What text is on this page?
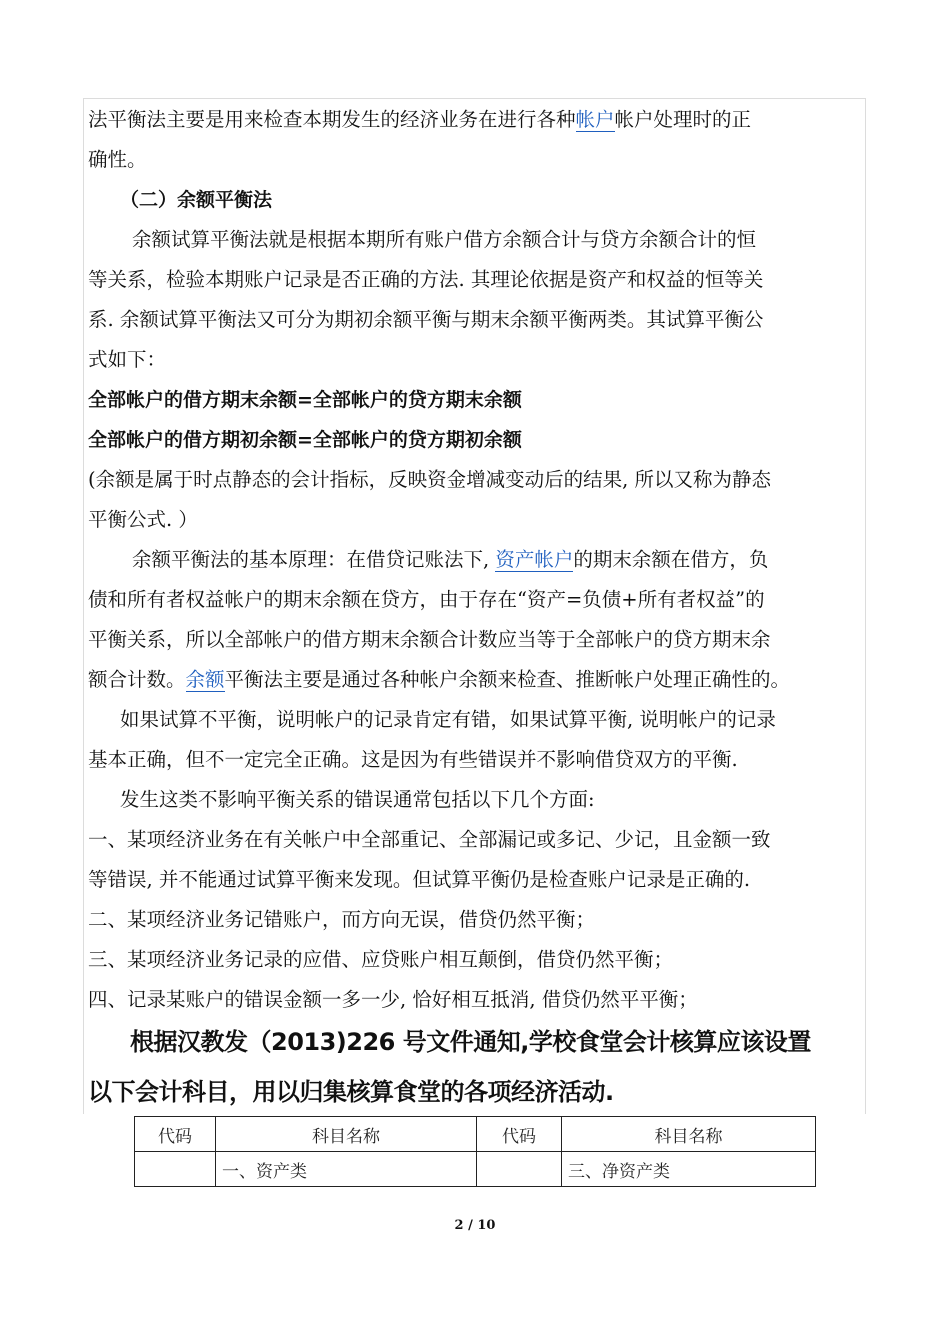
法平衡法主要是用来检查本期发生的经济业务在进行各种帐户帐户处理时的正
确性。
（二）余额平衡法
余额试算平衡法就是根据本期所有账户借方余额合计与贷方余额合计的恒
等关系，检验本期账户记录是否正确的方法. 其理论依据是资产和权益的恒等关
系. 余额试算平衡法又可分为期初余额平衡与期末余额平衡两类。其试算平衡公
式如下：
全部帐户的借方期末余额=全部帐户的贷方期末余额
全部帐户的借方期初余额=全部帐户的贷方期初余额
(余额是属于时点静态的会计指标，反映资金增减变动后的结果, 所以又称为静态
平衡公式. ）
余额平衡法的基本原理：在借贷记账法下, 资产帐户的期末余额在借方，负
债和所有者权益帐户的期末余额在贷方，由于存在“资产=负债+所有者权益”的
平衡关系，所以全部帐户的借方期末余额合计数应当等于全部帐户的贷方期末余
额合计数。余额平衡法主要是通过各种帐户余额来检查、推断帐户处理正确性的。
如果试算不平衡，说明帐户的记录肯定有错，如果试算平衡, 说明帐户的记录
基本正确，但不一定完全正确。这是因为有些错误并不影响借贷双方的平衡.
发生这类不影响平衡关系的错误通常包括以下几个方面:
一、某项经济业务在有关帐户中全部重记、全部漏记或多记、少记，且金额一致
等错误, 并不能通过试算平衡来发现。但试算平衡仍是检查账户记录是正确的.
二、某项经济业务记错账户，而方向无误，借贷仍然平衡；
三、某项经济业务记录的应借、应贷账户相互颠倒，借贷仍然平衡；
四、记录某账户的错误金额一多一少, 恰好相互抵消, 借贷仍然平平衡；
根据汉教发（2013)226 号文件通知,学校食堂会计核算应该设置
以下会计科目，用以归集核算食堂的各项经济活动.
代码	科目名称	代码	科目名称
	一、资产类		三、净资产类
2 / 10
